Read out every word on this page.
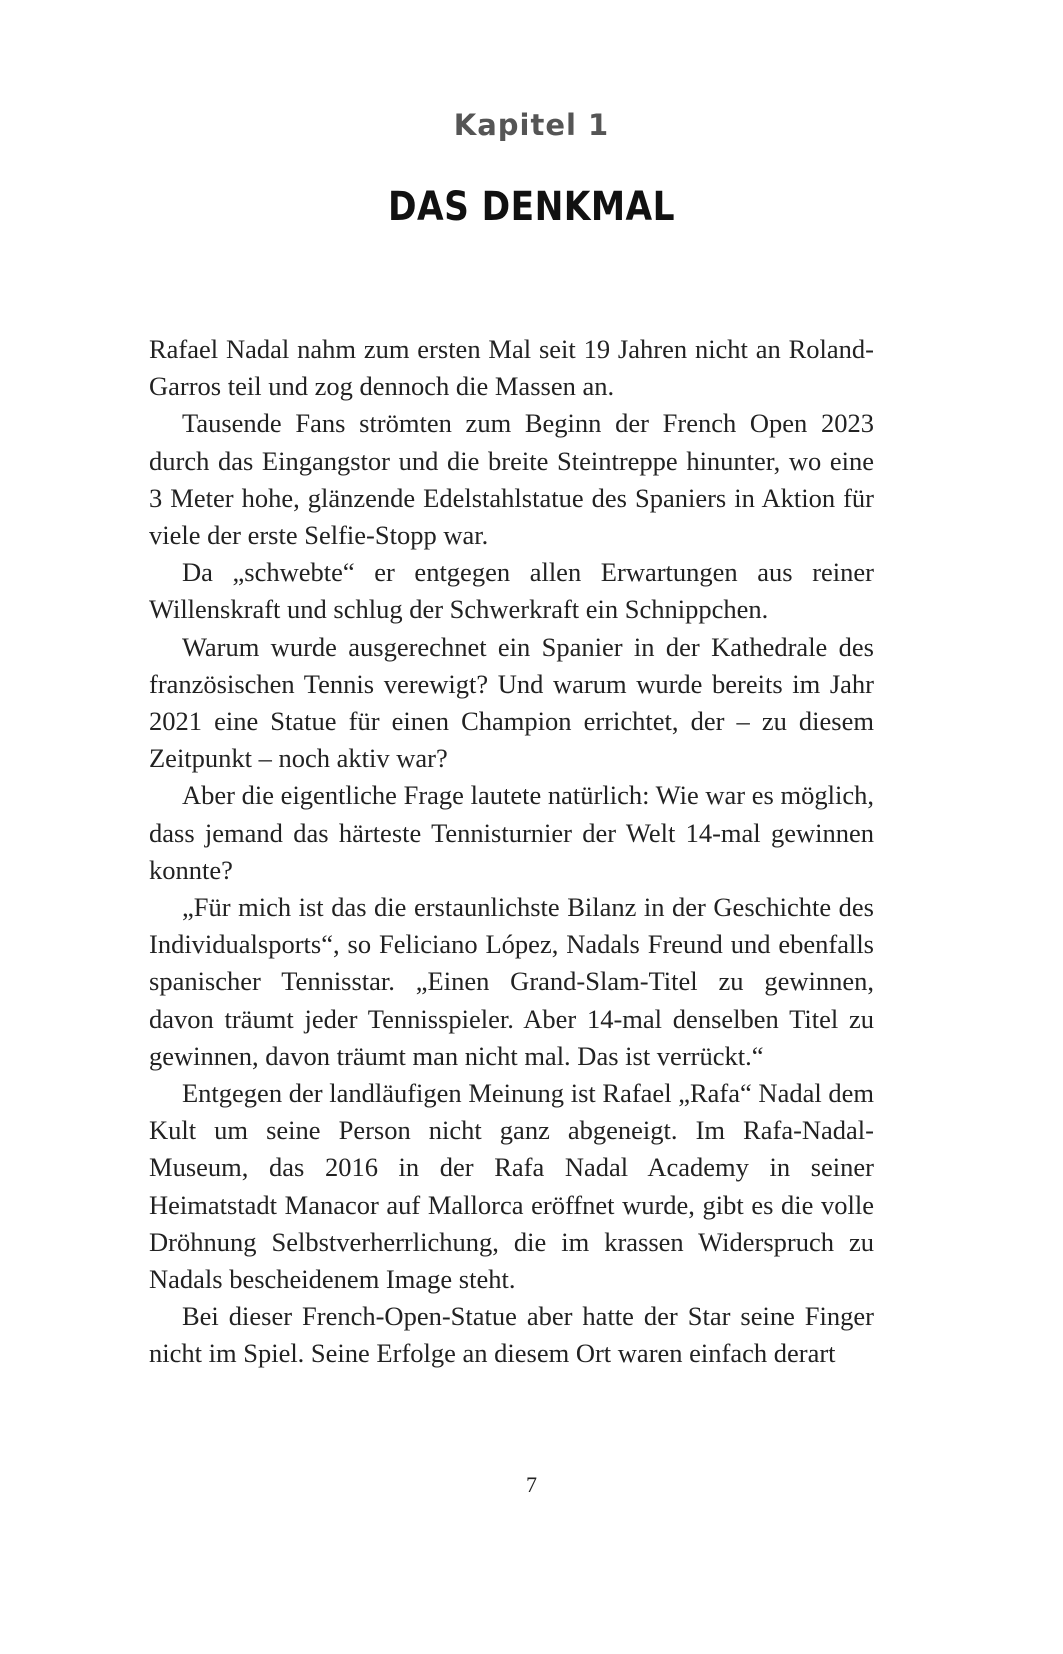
Kapitel 1
DAS DENKMAL

Rafael Nadal nahm zum ersten Mal seit 19 Jahren nicht an Roland-Garros teil und zog dennoch die Massen an.

Tausende Fans strömten zum Beginn der French Open 2023 durch das Eingangstor und die breite Steintreppe hinunter, wo eine 3 Meter hohe, glänzende Edelstahlstatue des Spaniers in Aktion für viele der erste Selfie-Stopp war.

Da „schwebte“ er entgegen allen Erwartungen aus reiner Willenskraft und schlug der Schwerkraft ein Schnippchen.

Warum wurde ausgerechnet ein Spanier in der Kathedrale des französischen Tennis verewigt? Und warum wurde bereits im Jahr 2021 eine Statue für einen Champion errichtet, der – zu diesem Zeitpunkt – noch aktiv war?

Aber die eigentliche Frage lautete natürlich: Wie war es möglich, dass jemand das härteste Tennisturnier der Welt 14-mal gewinnen konnte?

„Für mich ist das die erstaunlichste Bilanz in der Geschichte des Individualsports“, so Feliciano López, Nadals Freund und ebenfalls spanischer Tennisstar. „Einen Grand-Slam-Titel zu gewinnen, davon träumt jeder Tennisspieler. Aber 14-mal denselben Titel zu gewinnen, davon träumt man nicht mal. Das ist verrückt.“

Entgegen der landläufigen Meinung ist Rafael „Rafa“ Nadal dem Kult um seine Person nicht ganz abgeneigt. Im Rafa-Nadal-Museum, das 2016 in der Rafa Nadal Academy in seiner Heimatstadt Manacor auf Mallorca eröffnet wurde, gibt es die volle Dröhnung Selbstverherrlichung, die im krassen Widerspruch zu Nadals bescheidenem Image steht.

Bei dieser French-Open-Statue aber hatte der Star seine Finger nicht im Spiel. Seine Erfolge an diesem Ort waren einfach derart

7
